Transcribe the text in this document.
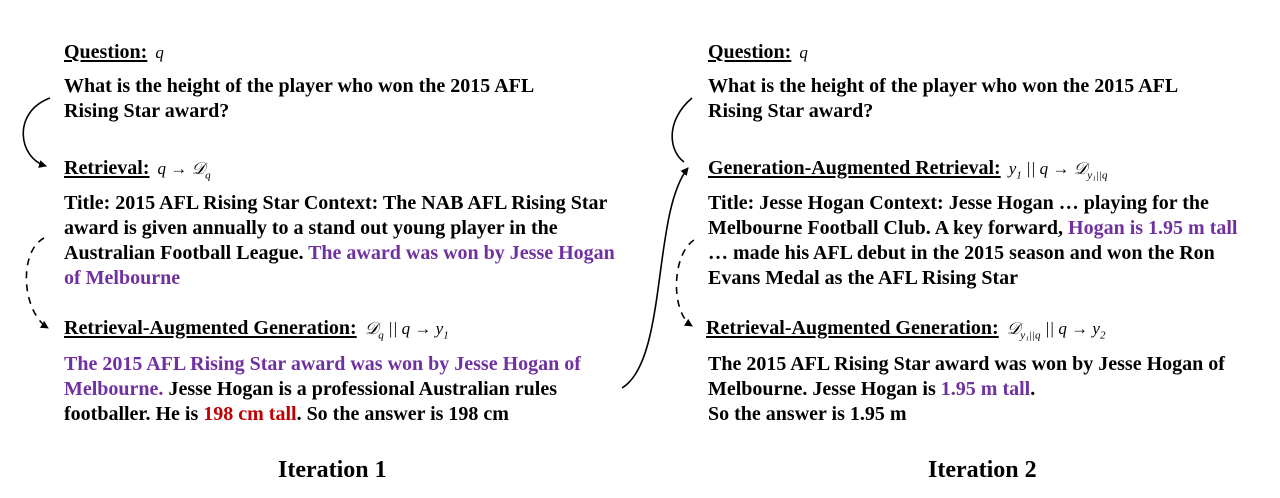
Question: q
What is the height of the player who won the 2015 AFL Rising Star award?
Retrieval: q → 𝒟$_q$
Title: 2015 AFL Rising Star Context: The NAB AFL Rising Star award is given annually to a stand out young player in the Australian Football League. The award was won by Jesse Hogan of Melbourne
Retrieval-Augmented Generation: 𝒟$_q$ || $q \to y_1$
The 2015 AFL Rising Star award was won by Jesse Hogan of Melbourne. Jesse Hogan is a professional Australian rules footballer. He is 198 cm tall. So the answer is 198 cm
Iteration 1
Question: q
What is the height of the player who won the 2015 AFL Rising Star award?
Generation-Augmented Retrieval: $y_1$ || q → 𝒟$_{y_1||q}$
Title: Jesse Hogan Context: Jesse Hogan … playing for the Melbourne Football Club. A key forward, Hogan is 1.95 m tall … made his AFL debut in the 2015 season and won the Ron Evans Medal as the AFL Rising Star
Retrieval-Augmented Generation: 𝒟$_{y_1||q}$ || $q \to y_2$
The 2015 AFL Rising Star award was won by Jesse Hogan of Melbourne. Jesse Hogan is 1.95 m tall.
So the answer is 1.95 m
Iteration 2
